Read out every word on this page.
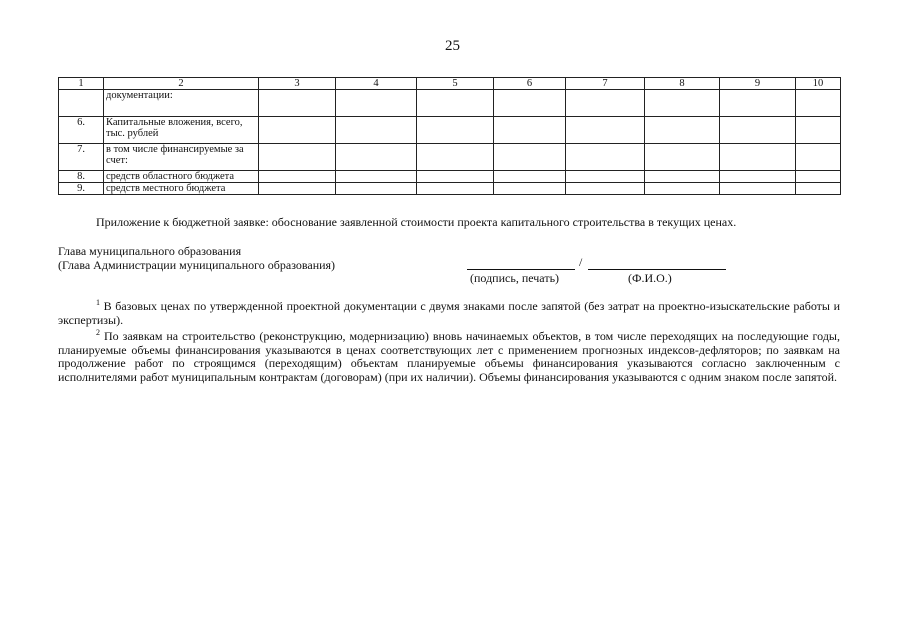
25
1	2	3	4	5	6	7	8	9	10

	документации:								

6.	Капитальные вложения, всего,
тыс. рублей								

7.	в том числе финансируемые за
счет:								

8.	средств областного бюджета								

9.	средств местного бюджета								

Приложение к бюджетной заявке: обоснование заявленной стоимости проекта капитального строительства в текущих ценах.
Глава муниципального образования
(Глава Администрации муниципального образования)	/
(подпись, печать)	(Ф.И.О.)
$^1$ В базовых ценах по утвержденной проектной документации с двумя знаками после запятой (без затрат на проектно-изыскательские работы и экспертизы).
$^2$ По заявкам на строительство (реконструкцию, модернизацию) вновь начинаемых объектов, в том числе переходящих на последующие годы, планируемые объемы финансирования указываются в ценах соответствующих лет с применением прогнозных индексов-дефляторов; по заявкам на продолжение работ по строящимся (переходящим) объектам планируемые объемы финансирования указываются согласно заключенным с исполнителями работ муниципальным контрактам (договорам) (при их наличии). Объемы финансирования указываются с одним знаком после запятой.
